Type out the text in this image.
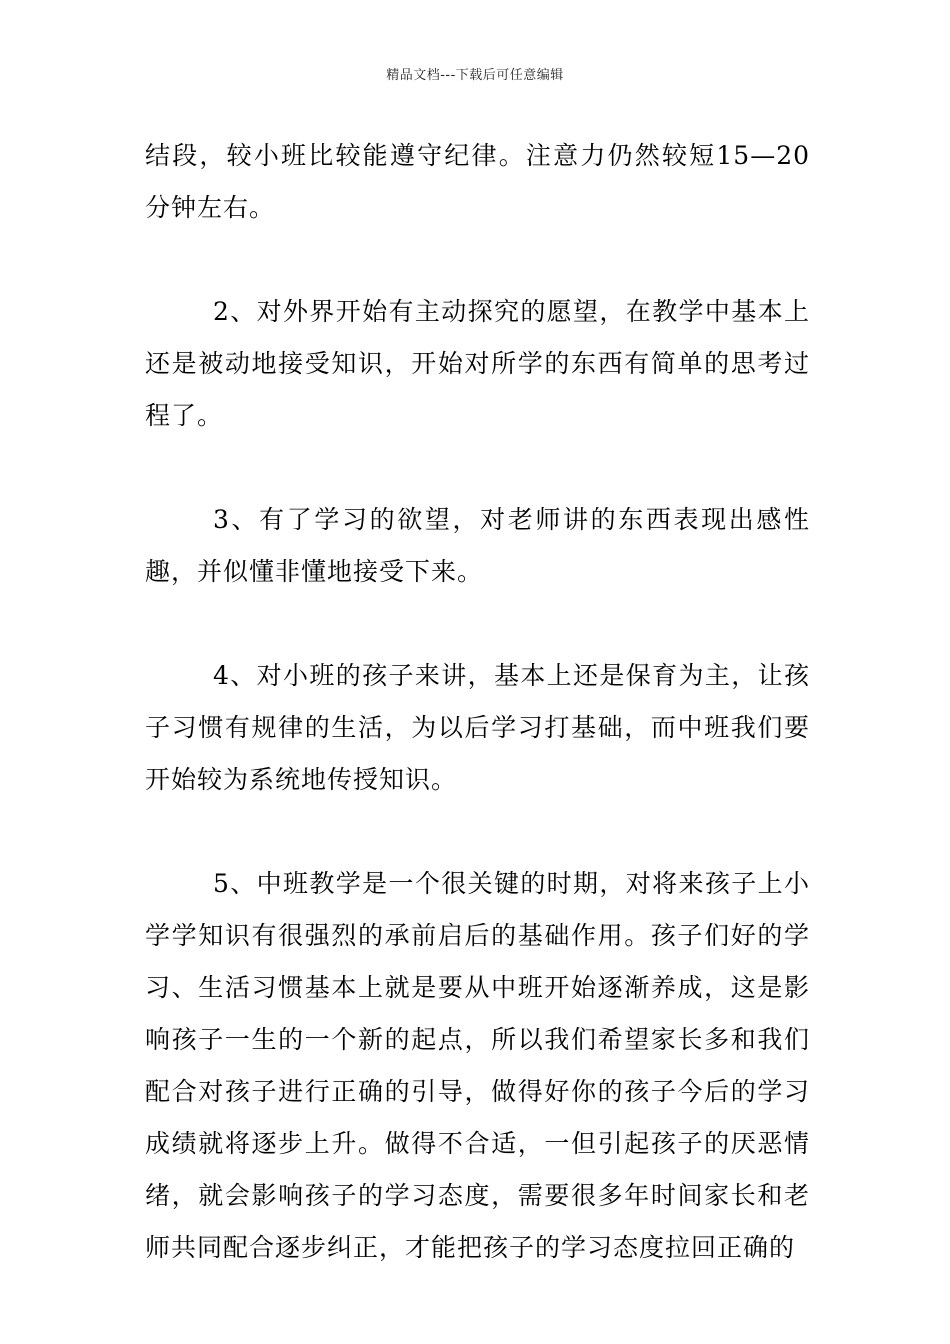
精品文档---下载后可任意编辑

结段，较小班比较能遵守纪律。注意力仍然较短15—20分钟左右。

2、对外界开始有主动探究的愿望，在教学中基本上还是被动地接受知识，开始对所学的东西有简单的思考过程了。

3、有了学习的欲望，对老师讲的东西表现出感性趣，并似懂非懂地接受下来。

4、对小班的孩子来讲，基本上还是保育为主，让孩子习惯有规律的生活，为以后学习打基础，而中班我们要开始较为系统地传授知识。

5、中班教学是一个很关键的时期，对将来孩子上小学学知识有很强烈的承前启后的基础作用。孩子们好的学习、生活习惯基本上就是要从中班开始逐渐养成，这是影响孩子一生的一个新的起点，所以我们希望家长多和我们配合对孩子进行正确的引导，做得好你的孩子今后的学习成绩就将逐步上升。做得不合适，一但引起孩子的厌恶情绪，就会影响孩子的学习态度，需要很多年时间家长和老师共同配合逐步纠正，才能把孩子的学习态度拉回正确的
